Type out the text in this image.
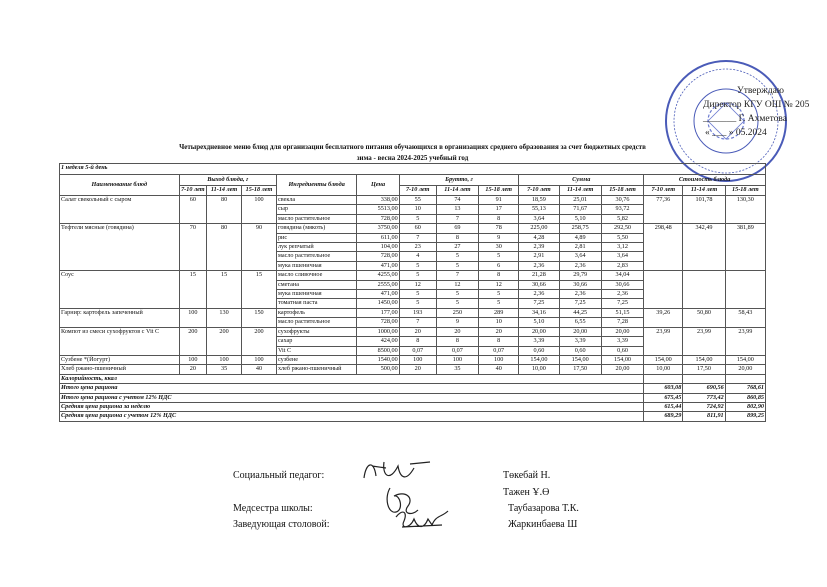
Утверждаю
Директор КГУ ОШ № 205
_______ Г. Ахметова
« ___ » 05.2024
Четырехдневное меню блюд для организации бесплатного питания обучающихся в организациях среднего образования за счет бюджетных средств
зима - весна 2024-2025 учебный год
1 неделя 5-й день														
Наименование блюд	Выход блюда, г			Ингредиенты блюда	Цена	Брутто, г			Сумма			Стоимость блюда		
	7-10 лет	11-14 лет	15-18 лет			7-10 лет	11-14 лет	15-18 лет	7-10 лет	11-14 лет	15-18 лет	7-10 лет	11-14 лет	15-18 лет
Салат свекольный с сыром	60	80	100	свекла	338,00	55	74	91	18,59	25,01	30,76	77,36	101,78	130,30
				сыр	5513,00	10	13	17	55,13	71,67	93,72			
				масло растительное	728,00	5	7	8	3,64	5,10	5,82			
Тефтели мясные (говядина)	70	80	90	говядина (мякоть)	3750,00	60	69	78	225,00	258,75	292,50	298,48	342,49	381,89
				рис	611,00	7	8	9	4,28	4,89	5,50			
				лук репчатый	104,00	23	27	30	2,39	2,81	3,12			
				масло растительное	728,00	4	5	5	2,91	3,64	3,64			
				мука пшеничная	471,00	5	5	6	2,36	2,36	2,83			
Соус	15	15	15	масло сливочное	4255,00	5	7	8	21,28	29,79	34,04			
				сметана	2555,00	12	12	12	30,66	30,66	30,66			
				мука пшеничная	471,00	5	5	5	2,36	2,36	2,36			
				томатная паста	1450,00	5	5	5	7,25	7,25	7,25			
Гарнир: картофель запеченный	100	130	150	картофель	177,00	193	250	289	34,16	44,25	51,15	39,26	50,80	58,43
				масло растительное	728,00	7	9	10	5,10	6,55	7,28			
Компот из смеси сухофруктов с Vit C	200	200	200	сухофрукты	1000,00	20	20	20	20,00	20,00	20,00	23,99	23,99	23,99
				сахар	424,00	8	8	8	3,39	3,39	3,39			
				Vit C	8500,00	0,07	0,07	0,07	0,60	0,60	0,60			
Сузбене *(Йогурт)	100	100	100	сузбене	1540,00	100	100	100	154,00	154,00	154,00	154,00	154,00	154,00
Хлеб ржано-пшеничный	20	35	40	хлеб ржано-пшеничный	500,00	20	35	40	10,00	17,50	20,00	10,00	17,50	20,00
Калорийность, ккал														
Итого цена рациона												603,08	690,56	768,61
Итого цена рациона с учетом 12% НДС												675,45	773,42	860,85
Средняя цена рациона за неделю												615,44	724,92	802,90
Средняя цена рациона с учетом 12% НДС												689,29	811,91	899,25
Социальный педагог:	Төкебай Н.
Тажен Ұ.Ө
Медсестра школы:	Таубазарова Т.К.
Заведующая столовой:	Жаркинбаева Ш
